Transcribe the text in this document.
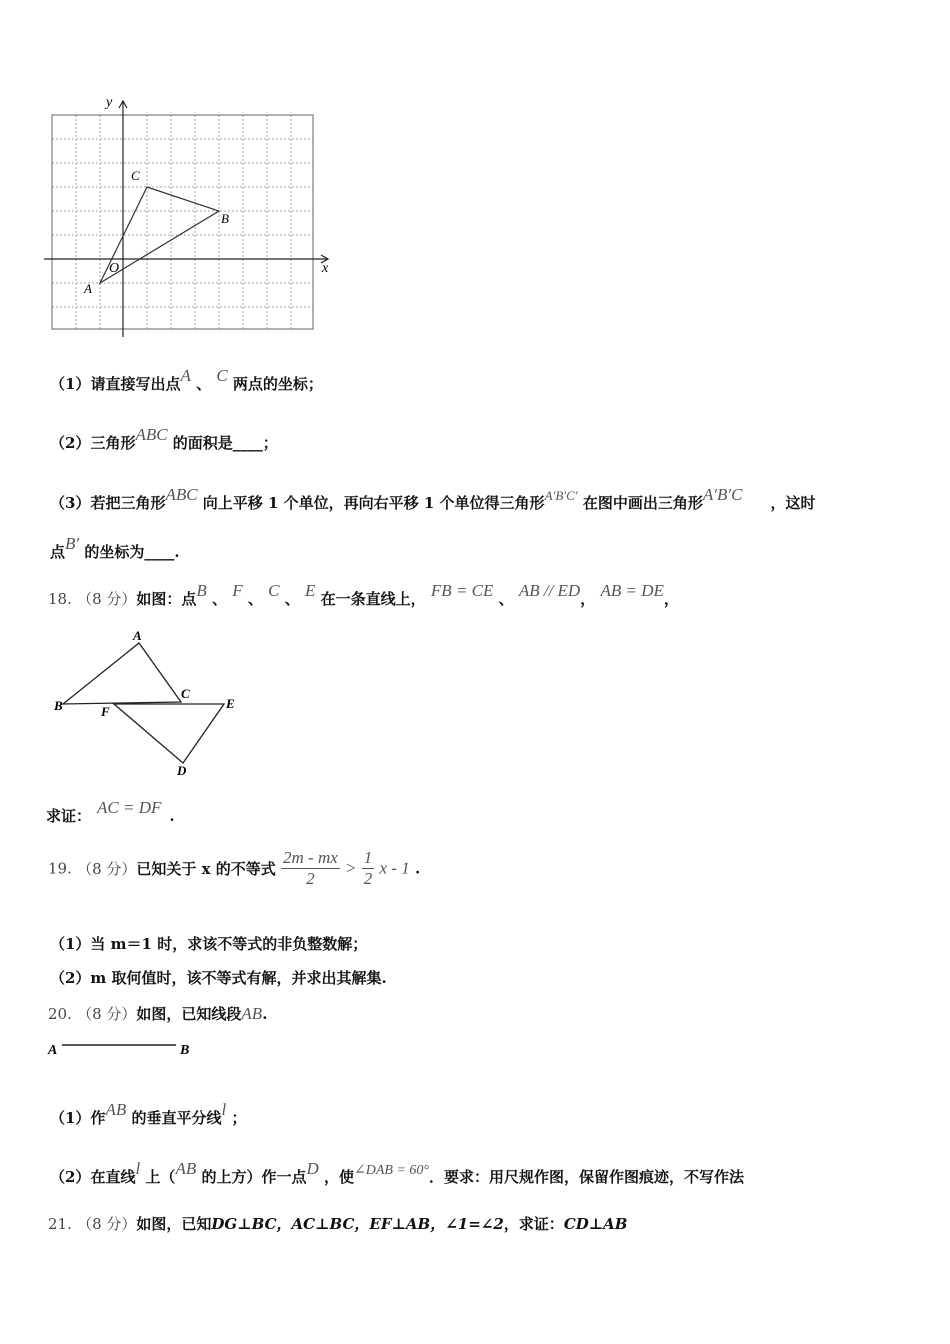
y
x
O
A
B
C
（1）请直接写出点A 、 C 两点的坐标；
（2）三角形ABC 的面积是____；
（3）若把三角形ABC 向上平移 1 个单位，再向右平移 1 个单位得三角形A′B′C′ 在图中画出三角形A′B′C ，这时
点B′ 的坐标为____.
18. （8 分）如图：点B 、 F 、 C 、 E 在一条直线上， FB = CE 、 AB // ED， AB = DE，
A
B
C
E
F
D
求证： AC = DF .
19. （8 分）已知关于 x 的不等式 $\frac{2m - mx}{2} > \frac{1}{2}$ x - 1 .
（1）当 m＝1 时，求该不等式的非负整数解；
（2）m 取何值时，该不等式有解，并求出其解集.
20. （8 分）如图，已知线段AB.
A	B
（1）作AB 的垂直平分线l ；
（2）在直线l 上（AB 的上方）作一点D ，使∠DAB = 60°．要求：用尺规作图，保留作图痕迹，不写作法
21. （8 分）如图，已知DG⊥BC，AC⊥BC，EF⊥AB，∠1=∠2，求证：CD⊥AB
